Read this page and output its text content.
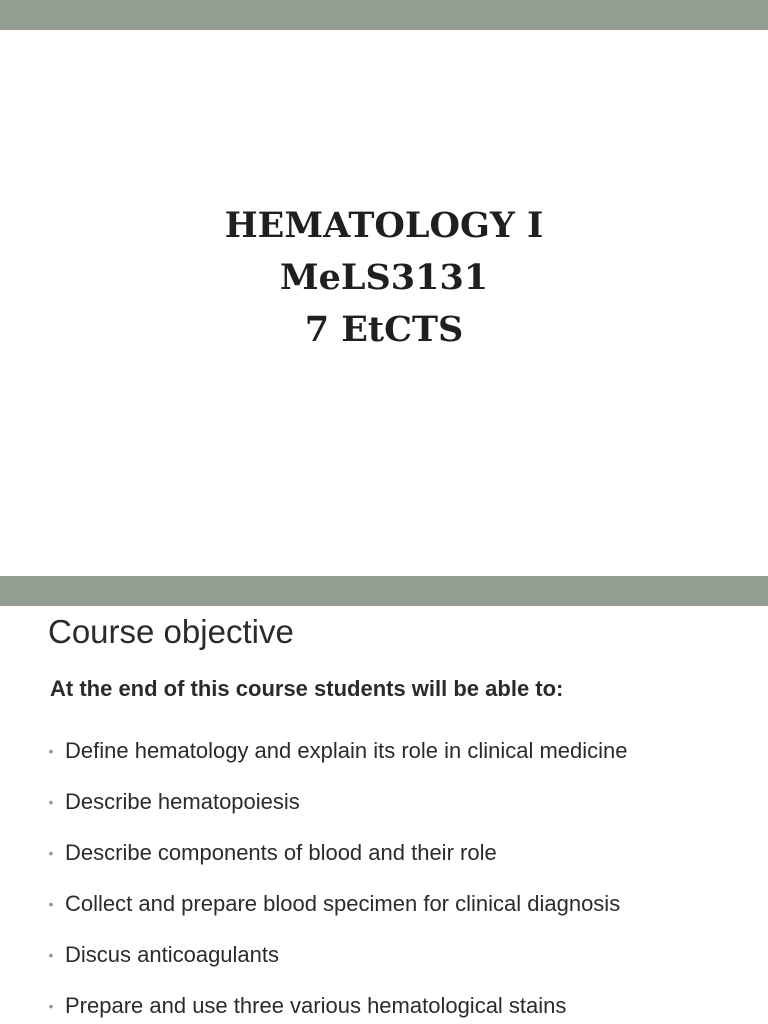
HEMATOLOGY I
MeLS3131
7 EtCTS
Course objective
At the end of this course students will be able to:
• Define hematology and explain its role in clinical medicine
• Describe hematopoiesis
• Describe components of blood and their role
• Collect and prepare blood specimen for clinical diagnosis
• Discus anticoagulants
• Prepare and use three various hematological stains
